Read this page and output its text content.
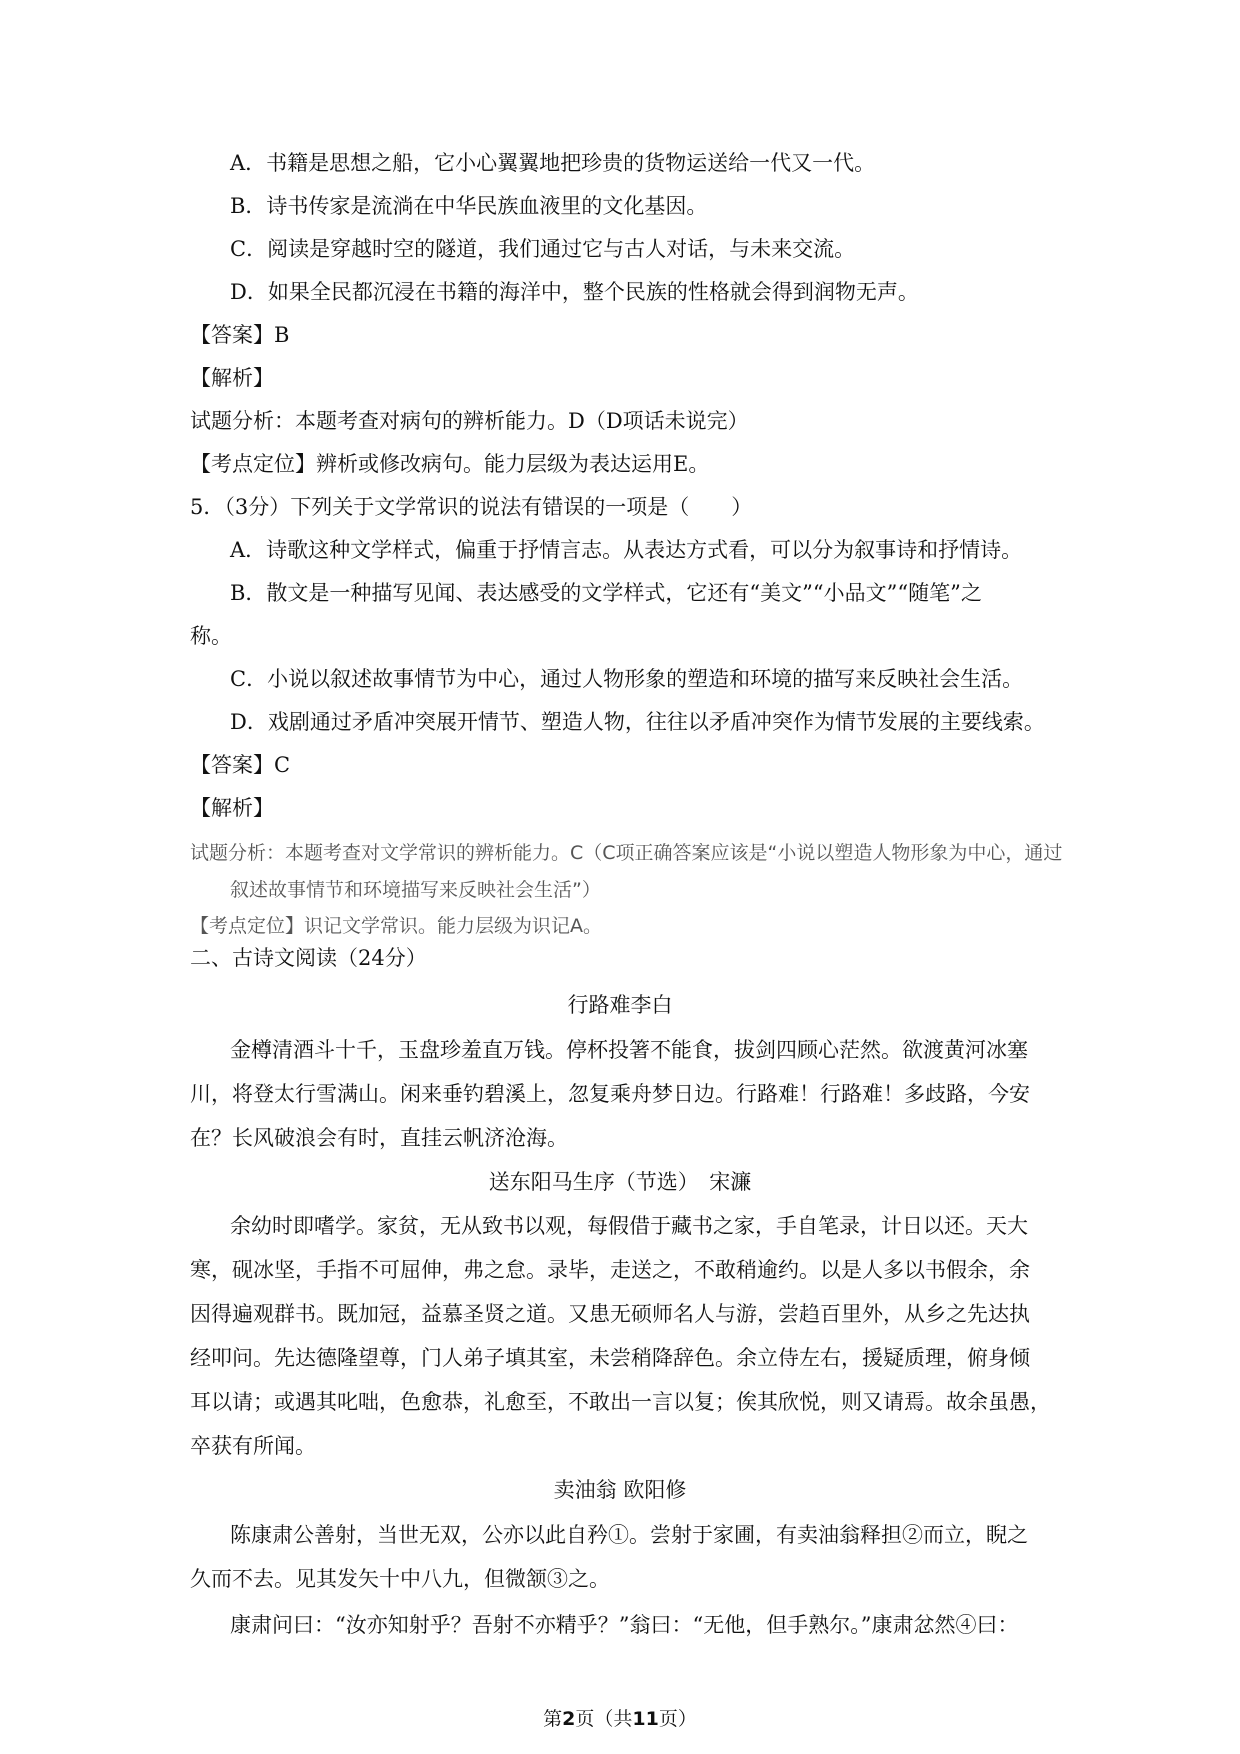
A．书籍是思想之船，它小心翼翼地把珍贵的货物运送给一代又一代。
B．诗书传家是流淌在中华民族血液里的文化基因。
C．阅读是穿越时空的隧道，我们通过它与古人对话，与未来交流。
D．如果全民都沉浸在书籍的海洋中，整个民族的性格就会得到润物无声。
【答案】B
【解析】
试题分析：本题考查对病句的辨析能力。D（D项话未说完）
【考点定位】辨析或修改病句。能力层级为表达运用E。
5．（3分）下列关于文学常识的说法有错误的一项是（　　）
A．诗歌这种文学样式，偏重于抒情言志。从表达方式看，可以分为叙事诗和抒情诗。
B．散文是一种描写见闻、表达感受的文学样式，它还有“美文”“小品文”“随笔”之
称。
C．小说以叙述故事情节为中心，通过人物形象的塑造和环境的描写来反映社会生活。
D．戏剧通过矛盾冲突展开情节、塑造人物，往往以矛盾冲突作为情节发展的主要线索。
【答案】C
【解析】
试题分析：本题考查对文学常识的辨析能力。C（C项正确答案应该是“小说以塑造人物形象为中心，通过
叙述故事情节和环境描写来反映社会生活”）
【考点定位】识记文学常识。能力层级为识记A。
二、古诗文阅读（24分）
行路难李白
金樽清酒斗十千，玉盘珍羞直万钱。停杯投箸不能食，拔剑四顾心茫然。欲渡黄河冰塞
川，将登太行雪满山。闲来垂钓碧溪上，忽复乘舟梦日边。行路难！行路难！多歧路，今安
在？长风破浪会有时，直挂云帆济沧海。
送东阳马生序（节选）　宋濂
余幼时即嗜学。家贫，无从致书以观，每假借于藏书之家，手自笔录，计日以还。天大
寒，砚冰坚，手指不可屈伸，弗之怠。录毕，走送之，不敢稍逾约。以是人多以书假余，余
因得遍观群书。既加冠，益慕圣贤之道。又患无硕师名人与游，尝趋百里外，从乡之先达执
经叩问。先达德隆望尊，门人弟子填其室，未尝稍降辞色。余立侍左右，援疑质理，俯身倾
耳以请；或遇其叱咄，色愈恭，礼愈至，不敢出一言以复；俟其欣悦，则又请焉。故余虽愚，
卒获有所闻。
卖油翁 欧阳修
陈康肃公善射，当世无双，公亦以此自矜①。尝射于家圃，有卖油翁释担②而立，睨之
久而不去。见其发矢十中八九，但微颔③之。
康肃问曰：“汝亦知射乎？吾射不亦精乎？”翁曰：“无他，但手熟尔。”康肃忿然④曰：
第2页（共11页）
